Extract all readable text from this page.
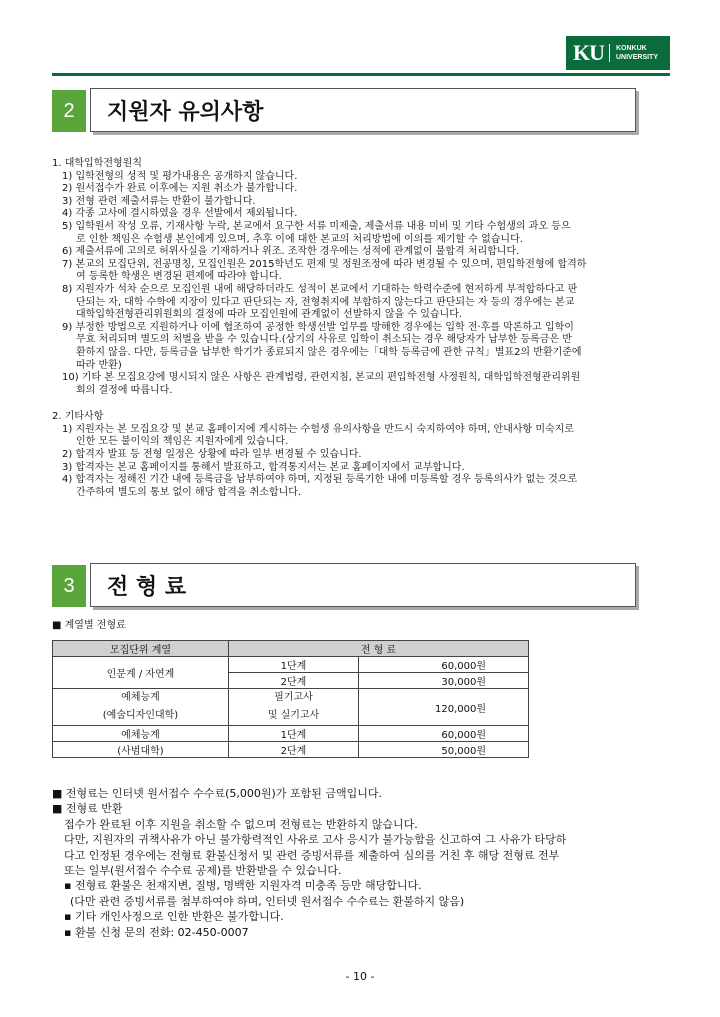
KU	KONKUK
UNIVERSITY
2	지원자 유의사항
1. 대학입학전형원칙
1) 입학전형의 성적 및 평가내용은 공개하지 않습니다.
2) 원서접수가 완료 이후에는 지원 취소가 불가합니다.
3) 전형 관련 제출서류는 반환이 불가합니다.
4) 각종 고사에 결시하였을 경우 선발에서 제외됩니다.
5) 입학원서 작성 오류, 기재사항 누락, 본교에서 요구한 서류 미제출, 제출서류 내용 미비 및 기타 수험생의 과오 등으
로 인한 책임은 수험생 본인에게 있으며, 추후 이에 대한 본교의 처리방법에 이의를 제기할 수 없습니다.
6) 제출서류에 고의로 허위사실을 기재하거나 위조. 조작한 경우에는 성적에 관계없이 불합격 처리합니다.
7) 본교의 모집단위, 전공명칭, 모집인원은 2015학년도 편제 및 정원조정에 따라 변경될 수 있으며, 편입학전형에 합격하
여 등록한 학생은 변경된 편제에 따라야 합니다.
8) 지원자가 석차 순으로 모집인원 내에 해당하더라도 성적이 본교에서 기대하는 학력수준에 현저하게 부적합하다고 판
단되는 자, 대학 수학에 지장이 있다고 판단되는 자, 전형취지에 부합하지 않는다고 판단되는 자 등의 경우에는 본교
대학입학전형관리위원회의 결정에 따라 모집인원에 관계없이 선발하지 않을 수 있습니다.
9) 부정한 방법으로 지원하거나 이에 협조하여 공정한 학생선발 업무를 방해한 경우에는 입학 전·후를 막론하고 입학이
무효 처리되며 별도의 처벌을 받을 수 있습니다.(상기의 사유로 입학이 취소되는 경우 해당자가 납부한 등록금은 반
환하지 않음. 다만, 등록금을 납부한 학기가 종료되지 않은 경우에는「대학 등록금에 관한 규칙」별표2의 반환기준에
따라 반환)
10) 기타 본 모집요강에 명시되지 않은 사항은 관계법령, 관련지침, 본교의 편입학전형 사정원칙, 대학입학전형관리위원
회의 결정에 따릅니다.
2. 기타사항
1) 지원자는 본 모집요강 및 본교 홈페이지에 게시하는 수험생 유의사항을 반드시 숙지하여야 하며, 안내사항 미숙지로
인한 모든 불이익의 책임은 지원자에게 있습니다.
2) 합격자 발표 등 전형 일정은 상황에 따라 일부 변경될 수 있습니다.
3) 합격자는 본교 홈페이지를 통해서 발표하고, 합격통지서는 본교 홈페이지에서 교부합니다.
4) 합격자는 정해진 기간 내에 등록금을 납부하여야 하며, 지정된 등록기한 내에 미등록할 경우 등록의사가 없는 것으로
간주하여 별도의 통보 없이 해당 합격을 취소합니다.
3	전 형 료
■ 계열별 전형료
모집단위 계열	전 형 료	
인문계 / 자연계	1단계	60,000원
	2단계	30,000원
예체능계
(예술디자인대학)	필기고사
및 실기고사	120,000원
예체능계	1단계	60,000원
(사범대학)	2단계	50,000원
■ 전형료는 인터넷 원서접수 수수료(5,000원)가 포함된 금액입니다.
■ 전형료 반환
접수가 완료된 이후 지원을 취소할 수 없으며 전형료는 반환하지 않습니다.
다만, 지원자의 귀책사유가 아닌 불가항력적인 사유로 고사 응시가 불가능함을 신고하여 그 사유가 타당하
다고 인정된 경우에는 전형료 환불신청서 및 관련 증빙서류를 제출하여 심의를 거친 후 해당 전형료 전부
또는 일부(원서접수 수수료 공제)를 반환받을 수 있습니다.
▪ 전형료 환불은 천재지변, 질병, 명백한 지원자격 미충족 등만 해당합니다.
(다만 관련 증빙서류를 첨부하여야 하며, 인터넷 원서접수 수수료는 환불하지 않음)
▪ 기타 개인사정으로 인한 반환은 불가합니다.
▪ 환불 신청 문의 전화: 02-450-0007
- 10 -
